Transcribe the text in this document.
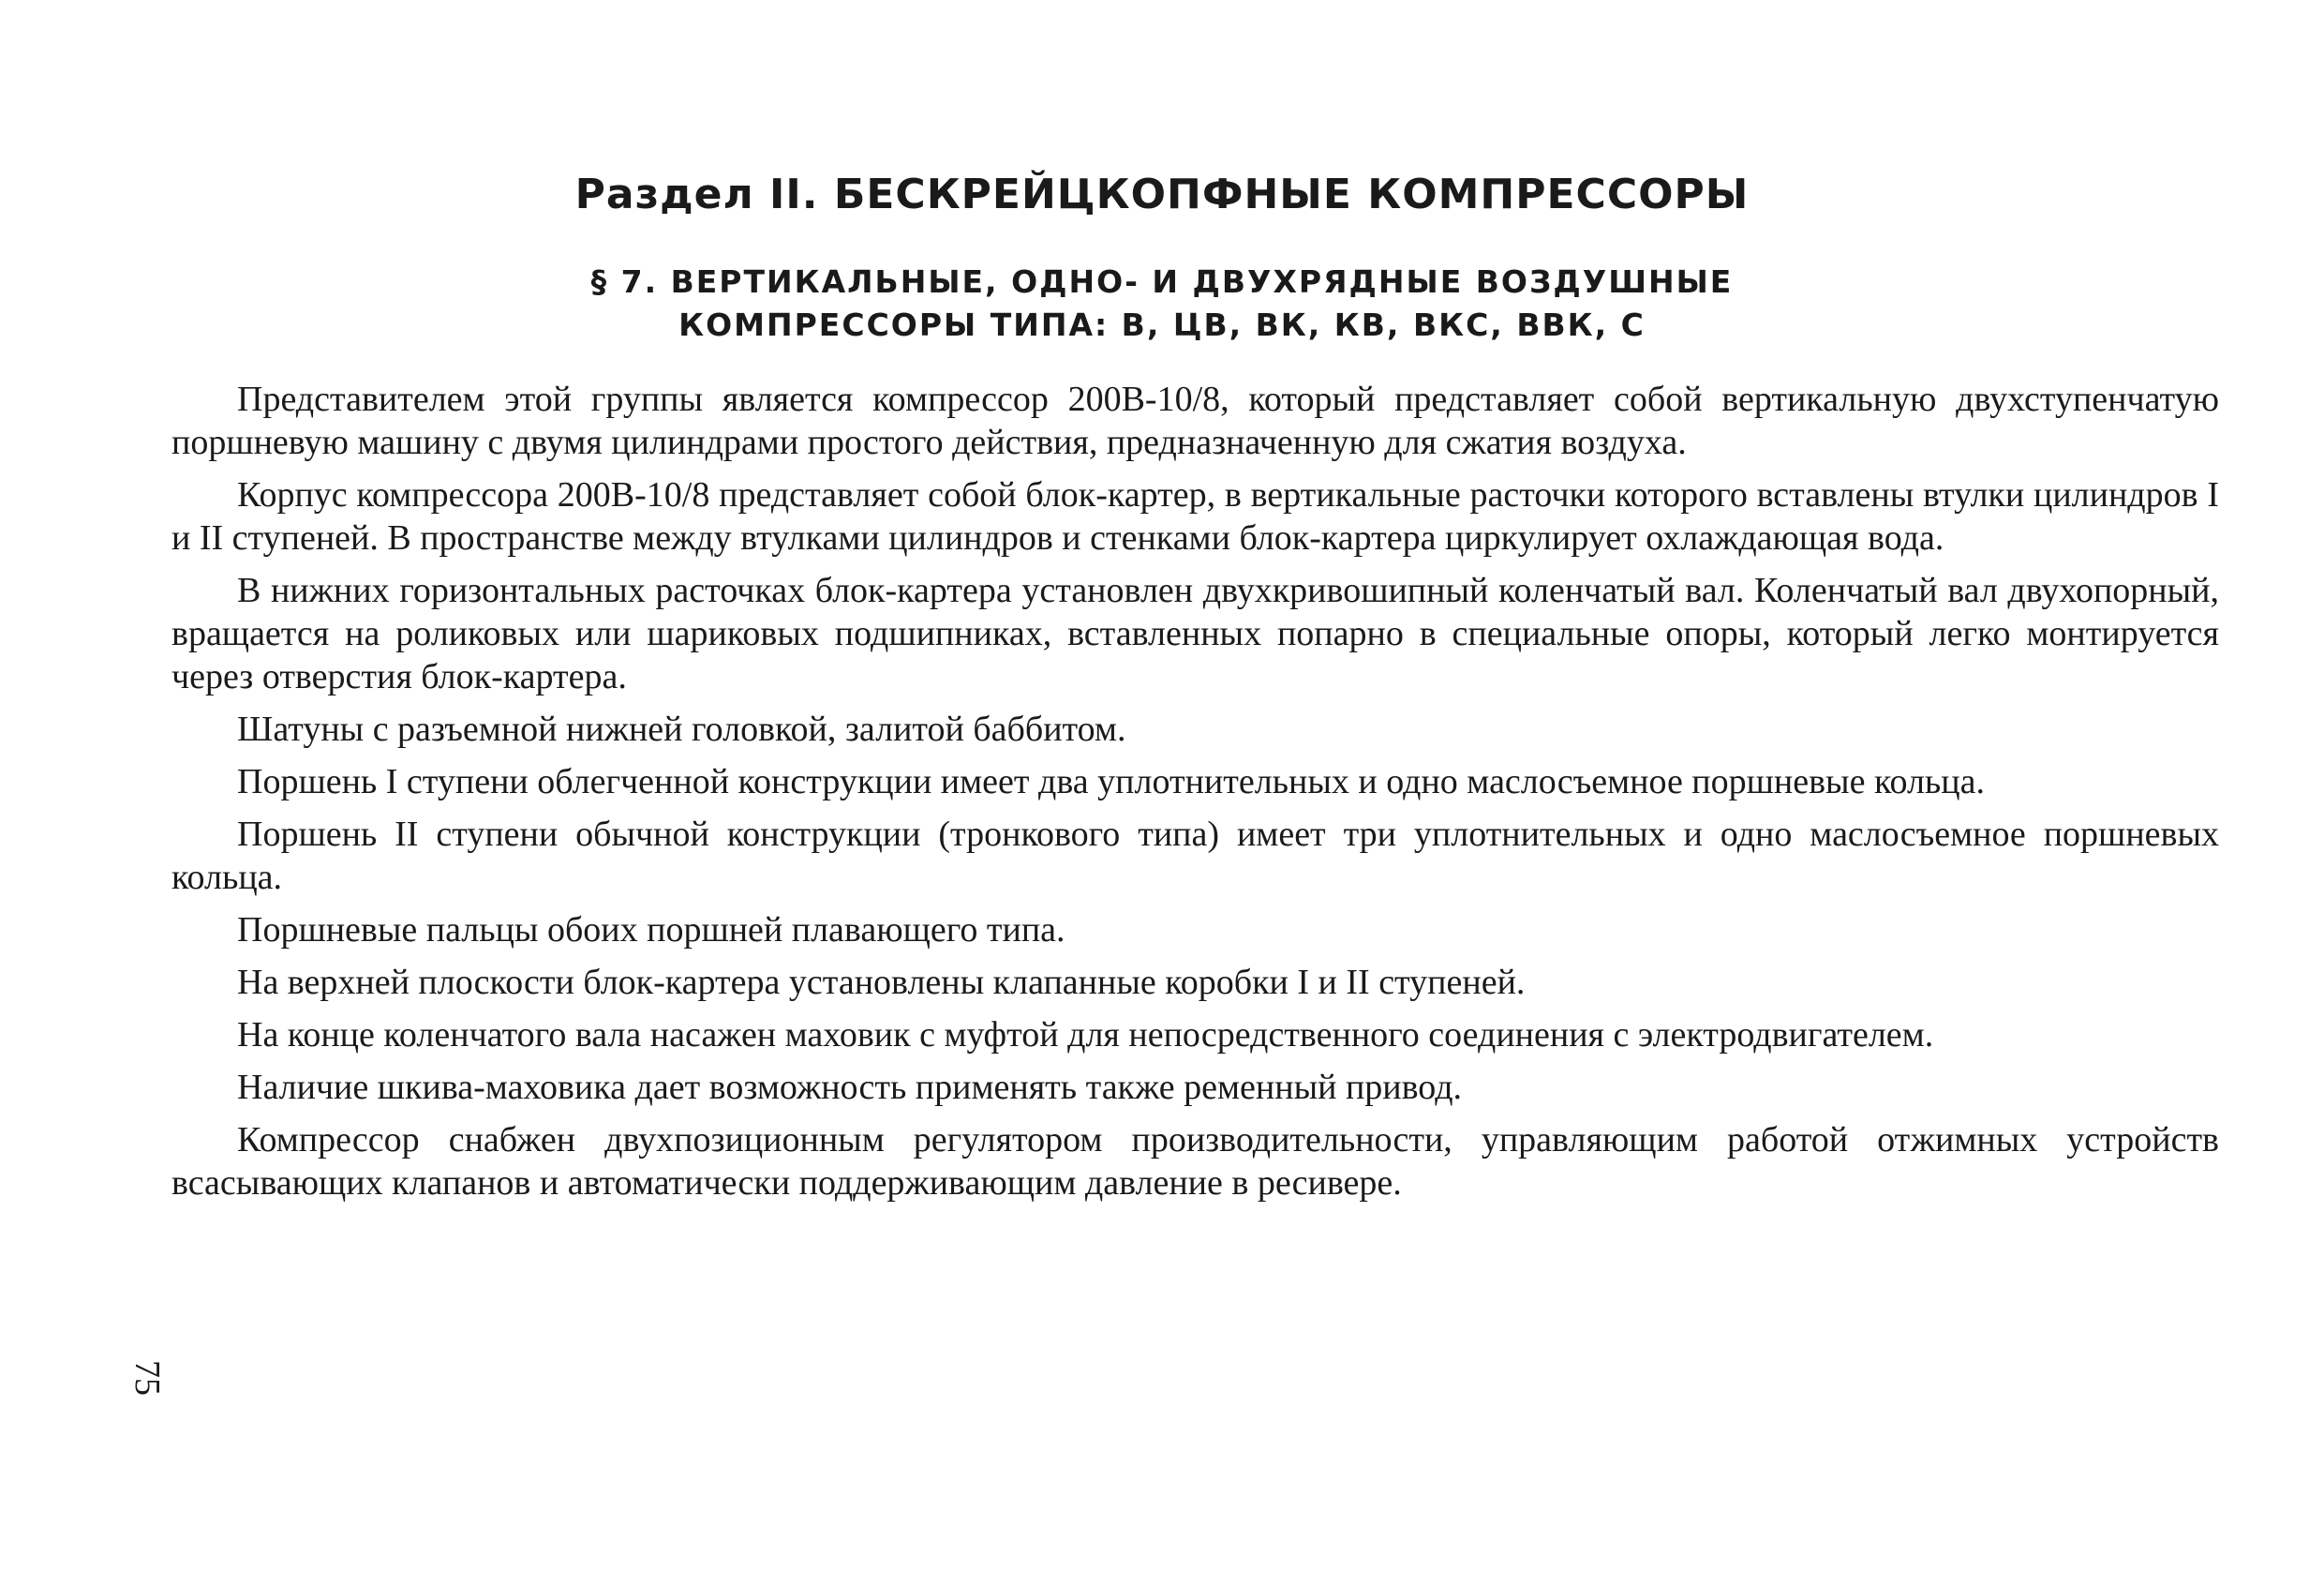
Раздел II. БЕСКРЕЙЦКОПФНЫЕ КОМПРЕССОРЫ
§ 7. ВЕРТИКАЛЬНЫЕ, ОДНО- И ДВУХРЯДНЫЕ ВОЗДУШНЫЕ
КОМПРЕССОРЫ ТИПА: В, ЦВ, ВК, КВ, ВКС, ВВК, С

Представителем этой группы является компрессор 200В-10/8, который представляет собой вертикальную двухступенчатую поршневую машину с двумя цилиндрами простого действия, предназначенную для сжатия воздуха.

Корпус компрессора 200В-10/8 представляет собой блок-картер, в вертикальные расточки которого вставлены втулки цилиндров I и II ступеней. В пространстве между втулками цилиндров и стенками блок-картера циркулирует охлаждающая вода.

В нижних горизонтальных расточках блок-картера установлен двухкривошипный коленчатый вал. Коленчатый вал двухопорный, вращается на роликовых или шариковых подшипниках, вставленных попарно в специальные опоры, который легко монтируется через отверстия блок-картера.

Шатуны с разъемной нижней головкой, залитой баббитом.

Поршень I ступени облегченной конструкции имеет два уплотнительных и одно маслосъемное поршневые кольца.

Поршень II ступени обычной конструкции (тронкового типа) имеет три уплотнительных и одно маслосъемное поршневых кольца.

Поршневые пальцы обоих поршней плавающего типа.

На верхней плоскости блок-картера установлены клапанные коробки I и II ступеней.

На конце коленчатого вала насажен маховик с муфтой для непосредственного соединения с электродвигателем.

Наличие шкива-маховика дает возможность применять также ременный привод.

Компрессор снабжен двухпозиционным регулятором производительности, управляющим работой отжимных устройств всасывающих клапанов и автоматически поддерживающим давление в ресивере.

75
